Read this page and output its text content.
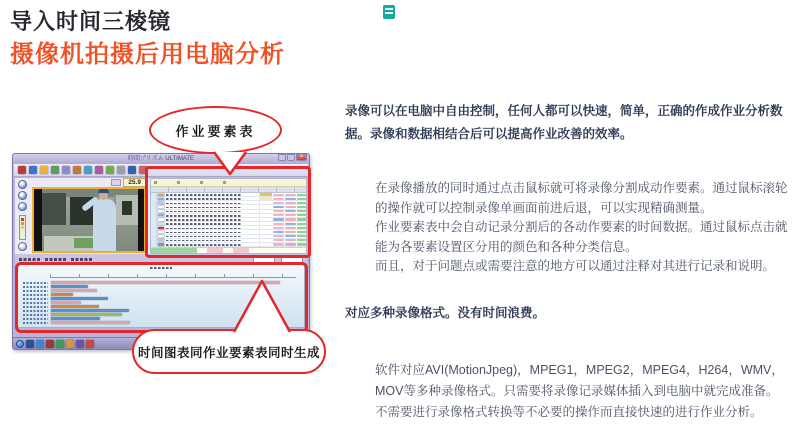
导入时间三棱镜
摄像机拍摄后用电脑分析
录像可以在电脑中自由控制，任何人都可以快速，简单，正确的作成作业分析数据。录像和数据相结合后可以提高作业改善的效率。
在录像播放的同时通过点击鼠标就可将录像分割成动作要素。通过鼠标滚轮的操作就可以控制录像单画面前进后退，可以实现精确测量。
作业要素表中会自动记录分割后的各动作要素的时间数据。通过鼠标点击就能为各要素设置区分用的颜色和各种分类信息。
而且，对于问题点或需要注意的地方可以通过注释对其进行记录和说明。
对应多种录像格式。没有时间浪费。
软件对应AVI(MotionJpeg)，MPEG1，MPEG2，MPEG4，H264，WMV，MOV等多种录像格式。只需要将录像记录媒体插入到电脑中就完成准备。不需要进行录像格式转换等不必要的操作而直接快速的进行作业分析。
時間プリズム ULTIMATE
×
25.9
作业要素表
时间图表同作业要素表同时生成
